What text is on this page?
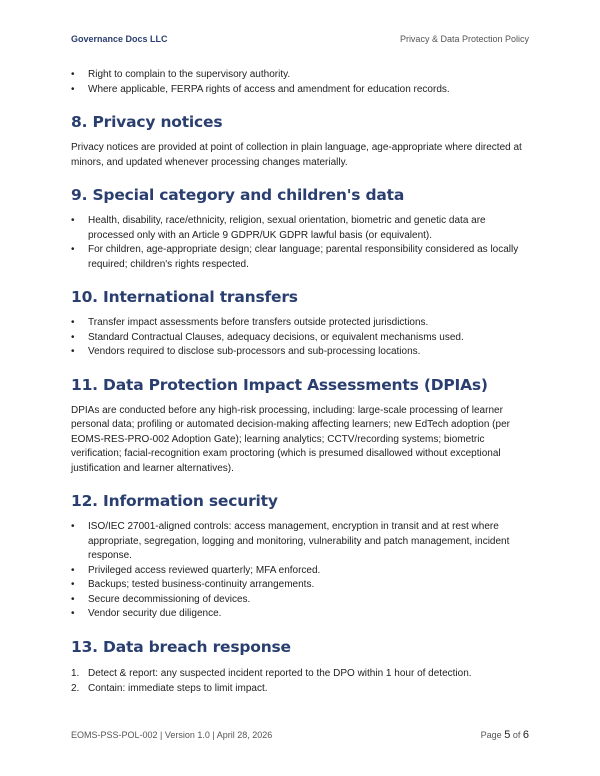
Governance Docs LLC	Privacy & Data Protection Policy
• Right to complain to the supervisory authority.
• Where applicable, FERPA rights of access and amendment for education records.
8. Privacy notices

Privacy notices are provided at point of collection in plain language, age-appropriate where directed at minors, and updated whenever processing changes materially.

9. Special category and children's data
• Health, disability, race/ethnicity, religion, sexual orientation, biometric and genetic data are processed only with an Article 9 GDPR/UK GDPR lawful basis (or equivalent).
• For children, age-appropriate design; clear language; parental responsibility considered as locally required; children's rights respected.
10. International transfers
• Transfer impact assessments before transfers outside protected jurisdictions.
• Standard Contractual Clauses, adequacy decisions, or equivalent mechanisms used.
• Vendors required to disclose sub-processors and sub-processing locations.
11. Data Protection Impact Assessments (DPIAs)

DPIAs are conducted before any high-risk processing, including: large-scale processing of learner personal data; profiling or automated decision-making affecting learners; new EdTech adoption (per EOMS-RES-PRO-002 Adoption Gate); learning analytics; CCTV/recording systems; biometric verification; facial-recognition exam proctoring (which is presumed disallowed without exceptional justification and learner alternatives).

12. Information security
• ISO/IEC 27001-aligned controls: access management, encryption in transit and at rest where appropriate, segregation, logging and monitoring, vulnerability and patch management, incident response.
• Privileged access reviewed quarterly; MFA enforced.
• Backups; tested business-continuity arrangements.
• Secure decommissioning of devices.
• Vendor security due diligence.
13. Data breach response
1. Detect & report: any suspected incident reported to the DPO within 1 hour of detection.
2. Contain: immediate steps to limit impact.
EOMS-PSS-POL-002 | Version 1.0 | April 28, 2026	Page 5 of 6
